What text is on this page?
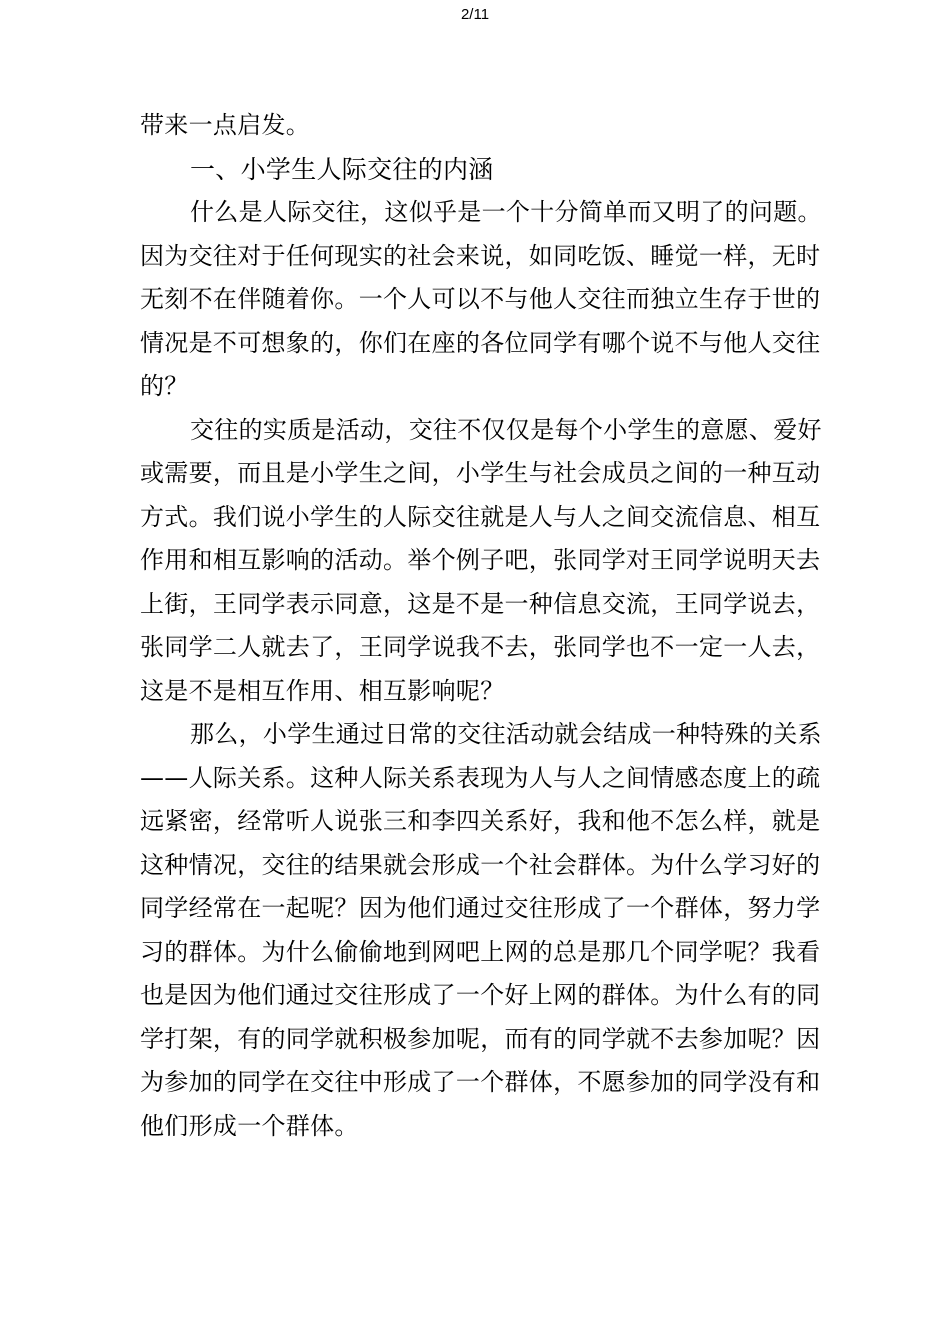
2/11

带来一点启发。

一、小学生人际交往的内涵

什么是人际交往，这似乎是一个十分简单而又明了的问题。因为交往对于任何现实的社会来说，如同吃饭、睡觉一样，无时无刻不在伴随着你。一个人可以不与他人交往而独立生存于世的情况是不可想象的，你们在座的各位同学有哪个说不与他人交往的？

交往的实质是活动，交往不仅仅是每个小学生的意愿、爱好或需要，而且是小学生之间，小学生与社会成员之间的一种互动方式。我们说小学生的人际交往就是人与人之间交流信息、相互作用和相互影响的活动。举个例子吧，张同学对王同学说明天去上街，王同学表示同意，这是不是一种信息交流，王同学说去，张同学二人就去了，王同学说我不去，张同学也不一定一人去，这是不是相互作用、相互影响呢？

那么，小学生通过日常的交往活动就会结成一种特殊的关系——人际关系。这种人际关系表现为人与人之间情感态度上的疏远紧密，经常听人说张三和李四关系好，我和他不怎么样，就是这种情况，交往的结果就会形成一个社会群体。为什么学习好的同学经常在一起呢？因为他们通过交往形成了一个群体，努力学习的群体。为什么偷偷地到网吧上网的总是那几个同学呢？我看也是因为他们通过交往形成了一个好上网的群体。为什么有的同学打架，有的同学就积极参加呢，而有的同学就不去参加呢？因为参加的同学在交往中形成了一个群体，不愿参加的同学没有和他们形成一个群体。
